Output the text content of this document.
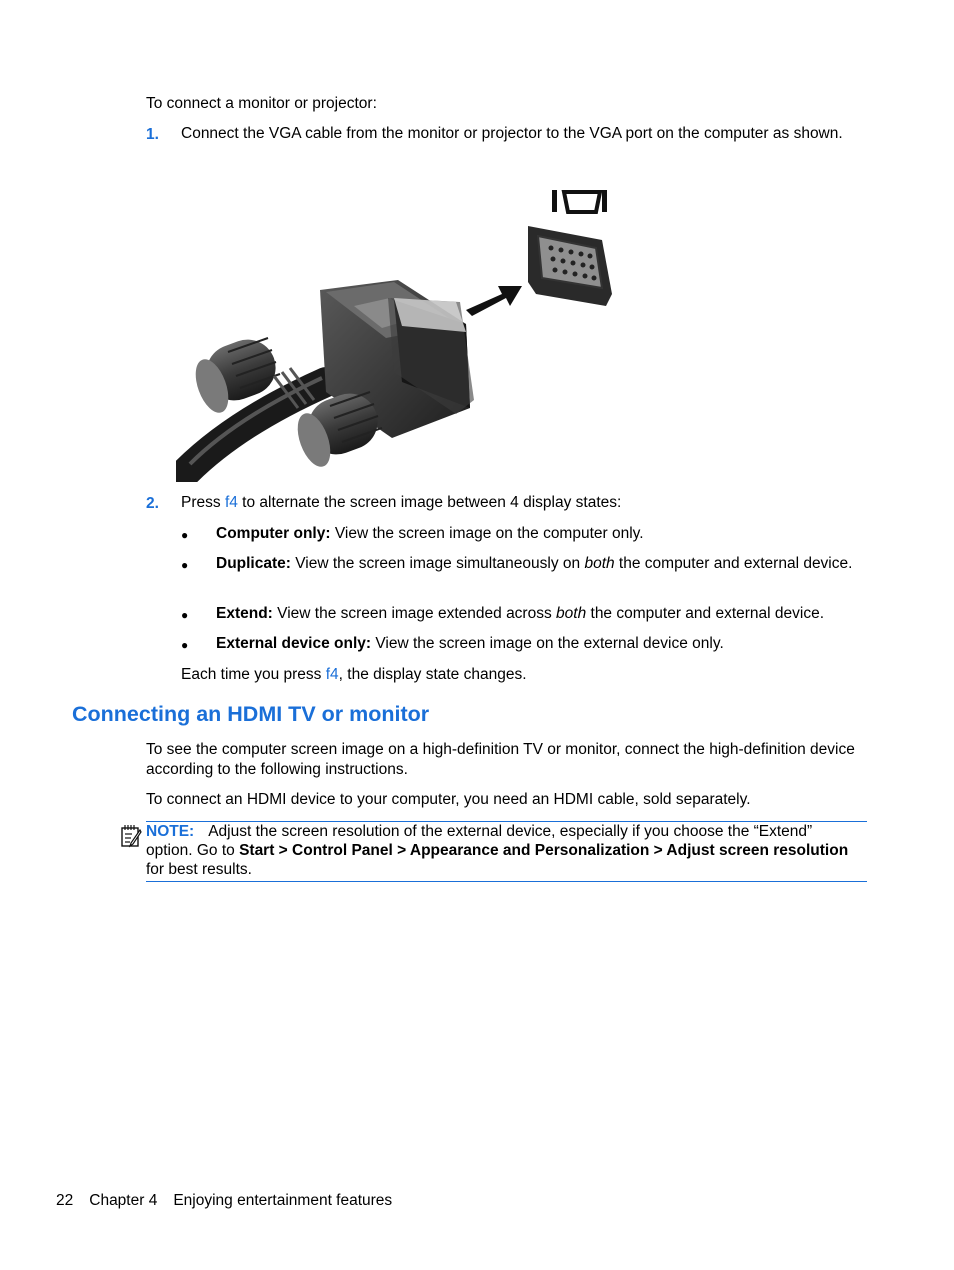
To connect a monitor or projector:

1. Connect the VGA cable from the monitor or projector to the VGA port on the computer as shown.
2. Press f4 to alternate the screen image between 4 display states:
● Computer only: View the screen image on the computer only.
● Duplicate: View the screen image simultaneously on both the computer and external device.
● Extend: View the screen image extended across both the computer and external device.
● External device only: View the screen image on the external device only.
Each time you press f4, the display state changes.
Connecting an HDMI TV or monitor

To see the computer screen image on a high-definition TV or monitor, connect the high-definition device according to the following instructions.

To connect an HDMI device to your computer, you need an HDMI cable, sold separately.

NOTE: Adjust the screen resolution of the external device, especially if you choose the “Extend” option. Go to Start > Control Panel > Appearance and Personalization > Adjust screen resolution for best results.
22 Chapter 4 Enjoying entertainment features
